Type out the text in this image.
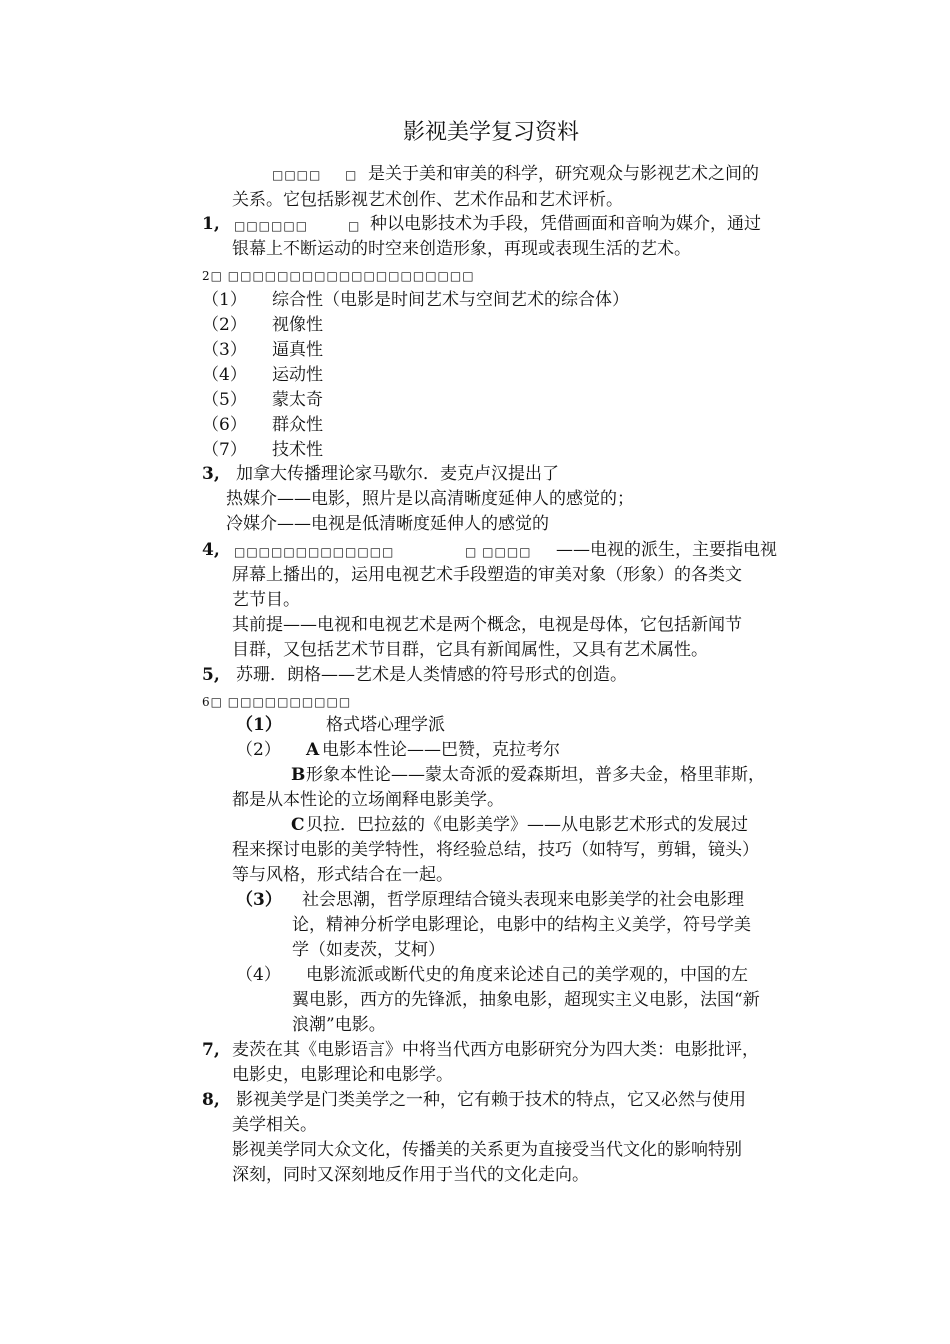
影视美学复习资料
□□□□ □ 是关于美和审美的科学，研究观众与影视艺术之间的
关系。它包括影视艺术创作、艺术作品和艺术评析。
1, □□□□□□	□ 种以电影技术为手段，凭借画面和音响为媒介，通过
银幕上不断运动的时空来创造形象，再现或表现生活的艺术。
2□ □□□□□□□□□□□□□□□□□□□□
（1） 综合性（电影是时间艺术与空间艺术的综合体）
（2） 视像性
（3） 逼真性
（4） 运动性
（5） 蒙太奇
（6） 群众性
（7） 技术性
3, 加拿大传播理论家马歇尔．麦克卢汉提出了
热媒介——电影，照片是以高清晰度延伸人的感觉的；
冷媒介——电视是低清晰度延伸人的感觉的
4, □□□□□□□□□□□□□	□ □□□□ ——电视的派生，主要指电视
屏幕上播出的，运用电视艺术手段塑造的审美对象（形象）的各类文
艺节目。
其前提——电视和电视艺术是两个概念，电视是母体，它包括新闻节
目群，又包括艺术节目群，它具有新闻属性，又具有艺术属性。
5, 苏珊．朗格——艺术是人类情感的符号形式的创造。
6□ □□□□□□□□□□
（1）	格式塔心理学派
（2） A 电影本性论——巴赞，克拉考尔
B 形象本性论——蒙太奇派的爱森斯坦，普多夫金，格里菲斯，
都是从本性论的立场阐释电影美学。
C 贝拉．巴拉兹的《电影美学》——从电影艺术形式的发展过
程来探讨电影的美学特性，将经验总结，技巧（如特写，剪辑，镜头）
等与风格，形式结合在一起。
（3） 社会思潮，哲学原理结合镜头表现来电影美学的社会电影理
论，精神分析学电影理论，电影中的结构主义美学，符号学美
学（如麦茨，艾柯）
（4） 电影流派或断代史的角度来论述自己的美学观的，中国的左
翼电影，西方的先锋派，抽象电影，超现实主义电影，法国“新
浪潮”电影。
7, 麦茨在其《电影语言》中将当代西方电影研究分为四大类：电影批评，
电影史，电影理论和电影学。
8, 影视美学是门类美学之一种，它有赖于技术的特点，它又必然与使用
美学相关。
影视美学同大众文化，传播美的关系更为直接受当代文化的影响特别
深刻，同时又深刻地反作用于当代的文化走向。
